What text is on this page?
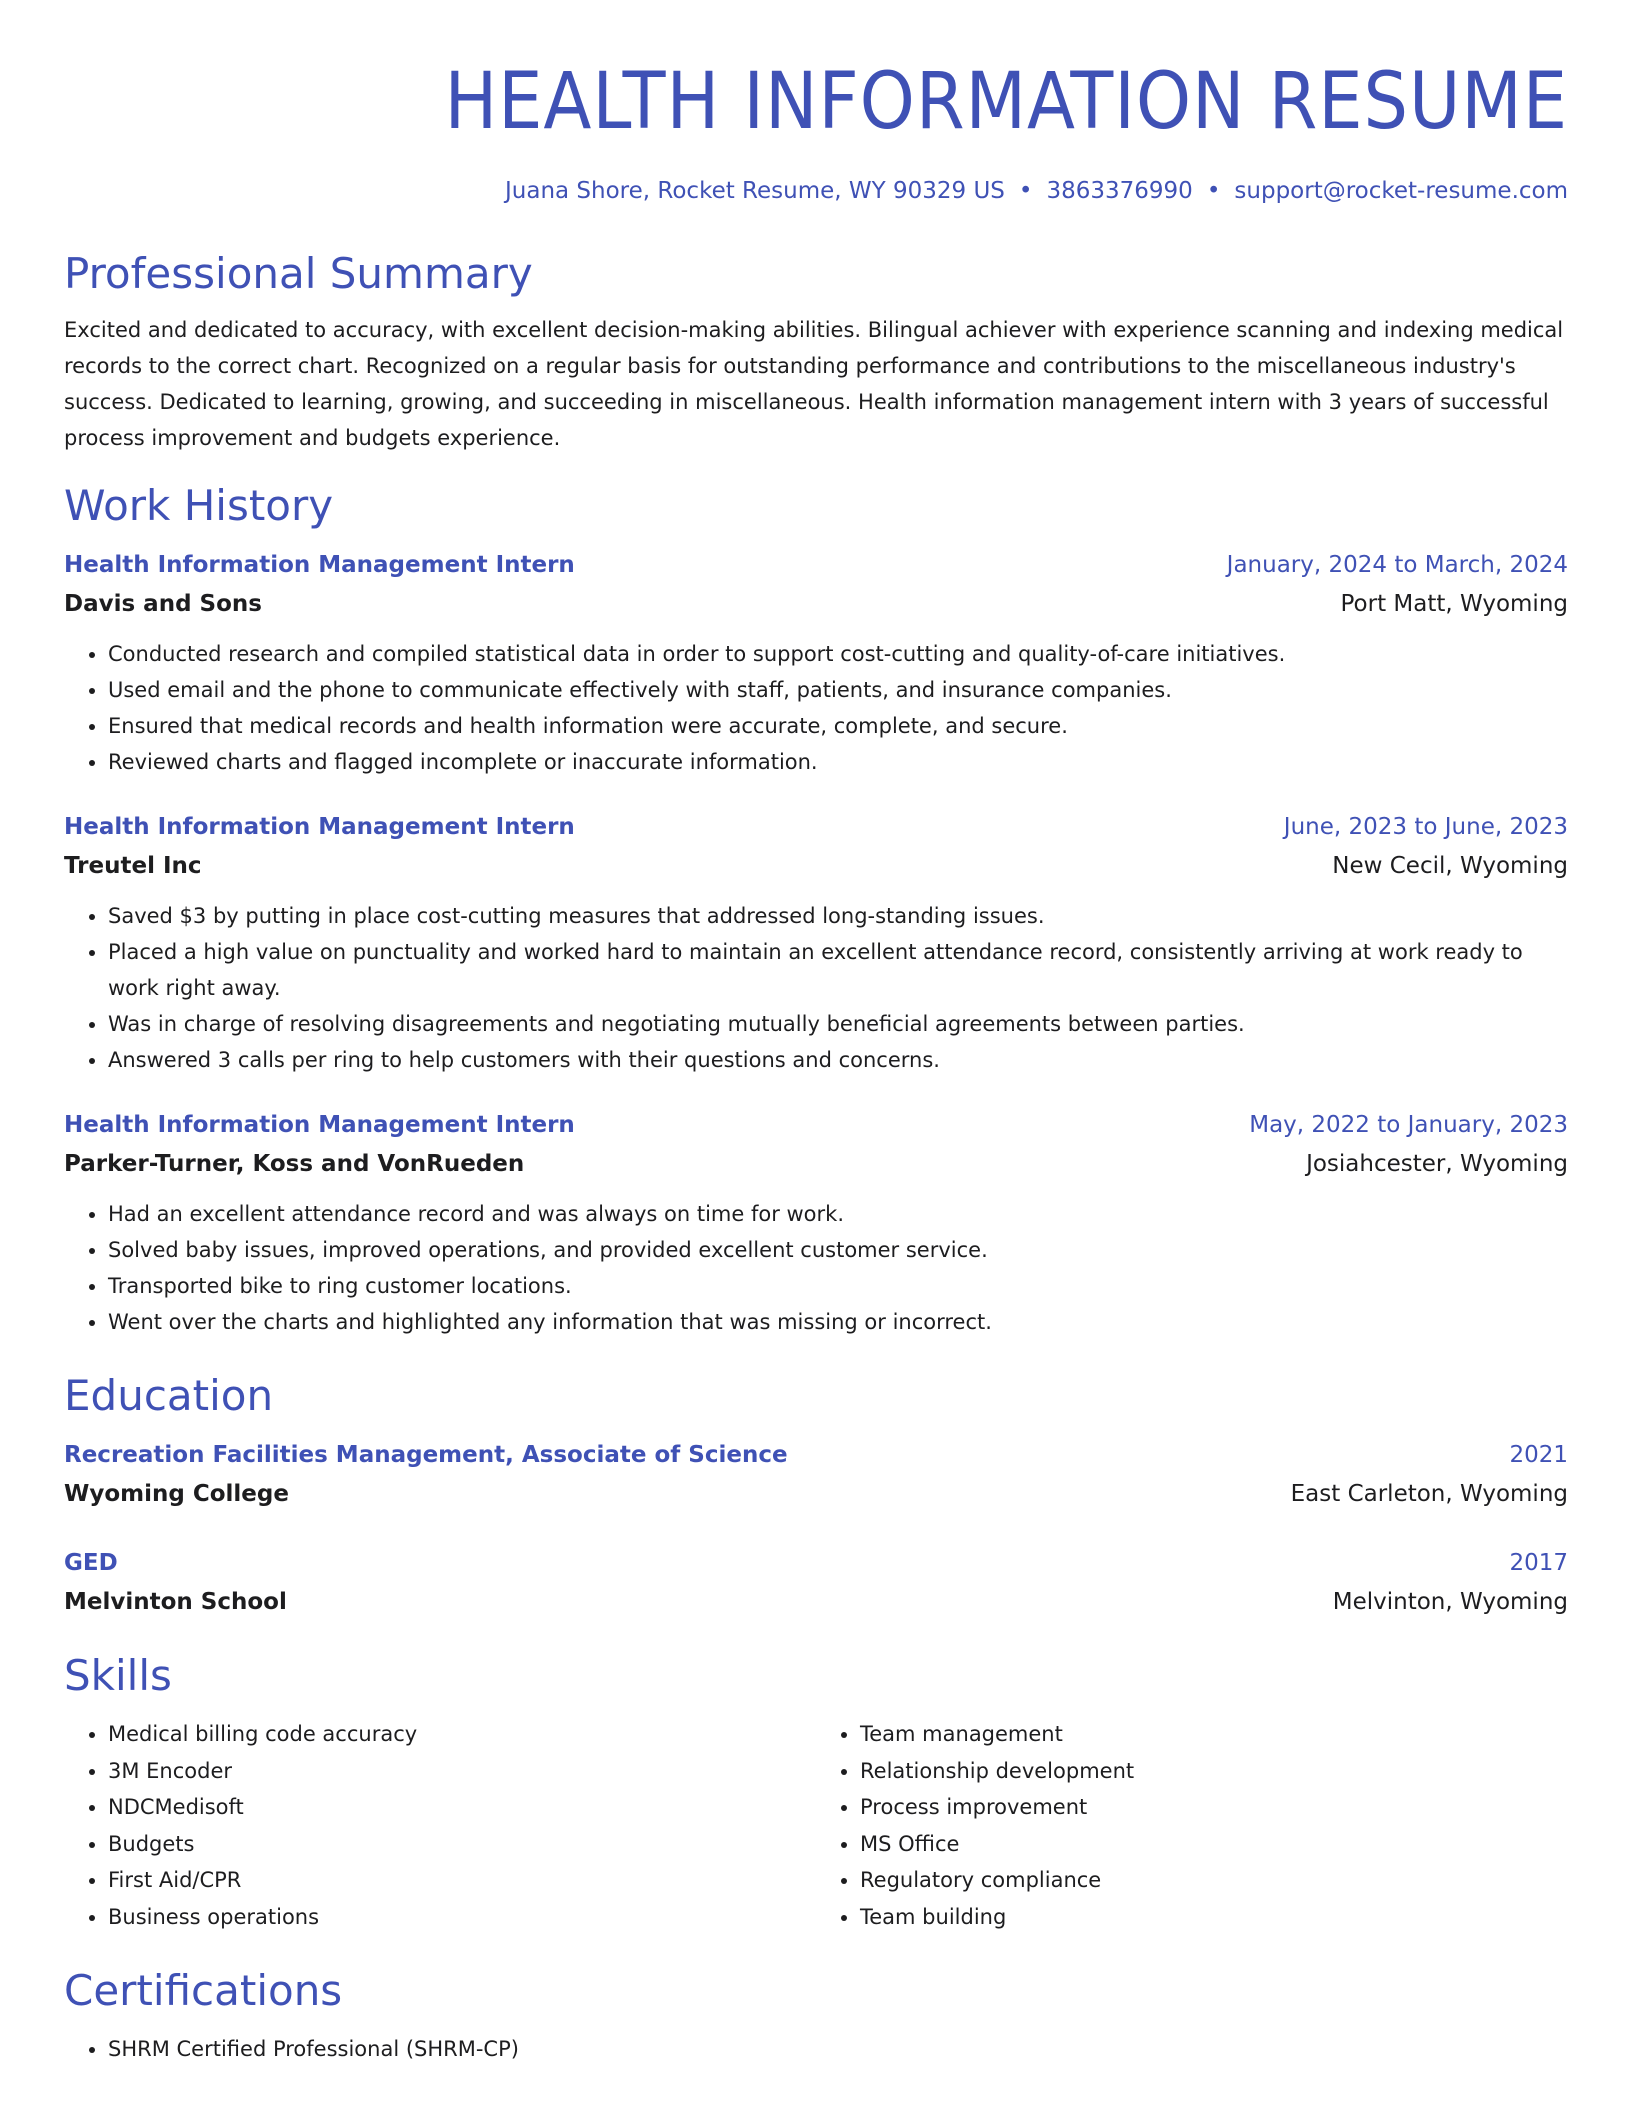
HEALTH INFORMATION RESUME
Juana Shore, Rocket Resume, WY 90329 US • 3863376990 • support@rocket-resume.com
Professional Summary

Excited and dedicated to accuracy, with excellent decision-making abilities. Bilingual achiever with experience scanning and indexing medical records to the correct chart. Recognized on a regular basis for outstanding performance and contributions to the miscellaneous industry's success. Dedicated to learning, growing, and succeeding in miscellaneous. Health information management intern with 3 years of successful process improvement and budgets experience.

Work History
Health Information Management Intern	January, 2024 to March, 2024
Davis and Sons	Port Matt, Wyoming
• Conducted research and compiled statistical data in order to support cost-cutting and quality-of-care initiatives.
• Used email and the phone to communicate effectively with staff, patients, and insurance companies.
• Ensured that medical records and health information were accurate, complete, and secure.
• Reviewed charts and flagged incomplete or inaccurate information.
Health Information Management Intern	June, 2023 to June, 2023
Treutel Inc	New Cecil, Wyoming
• Saved $3 by putting in place cost-cutting measures that addressed long-standing issues.
• Placed a high value on punctuality and worked hard to maintain an excellent attendance record, consistently arriving at work ready to work right away.
• Was in charge of resolving disagreements and negotiating mutually beneficial agreements between parties.
• Answered 3 calls per ring to help customers with their questions and concerns.
Health Information Management Intern	May, 2022 to January, 2023
Parker-Turner, Koss and VonRueden	Josiahcester, Wyoming
• Had an excellent attendance record and was always on time for work.
• Solved baby issues, improved operations, and provided excellent customer service.
• Transported bike to ring customer locations.
• Went over the charts and highlighted any information that was missing or incorrect.
Education
Recreation Facilities Management, Associate of Science	2021
Wyoming College	East Carleton, Wyoming
GED	2017
Melvinton School	Melvinton, Wyoming
Skills
• Medical billing code accuracy
• 3M Encoder
• NDCMedisoft
• Budgets
• First Aid/CPR
• Business operations
• Team management
• Relationship development
• Process improvement
• MS Office
• Regulatory compliance
• Team building
Certifications
• SHRM Certified Professional (SHRM-CP)
